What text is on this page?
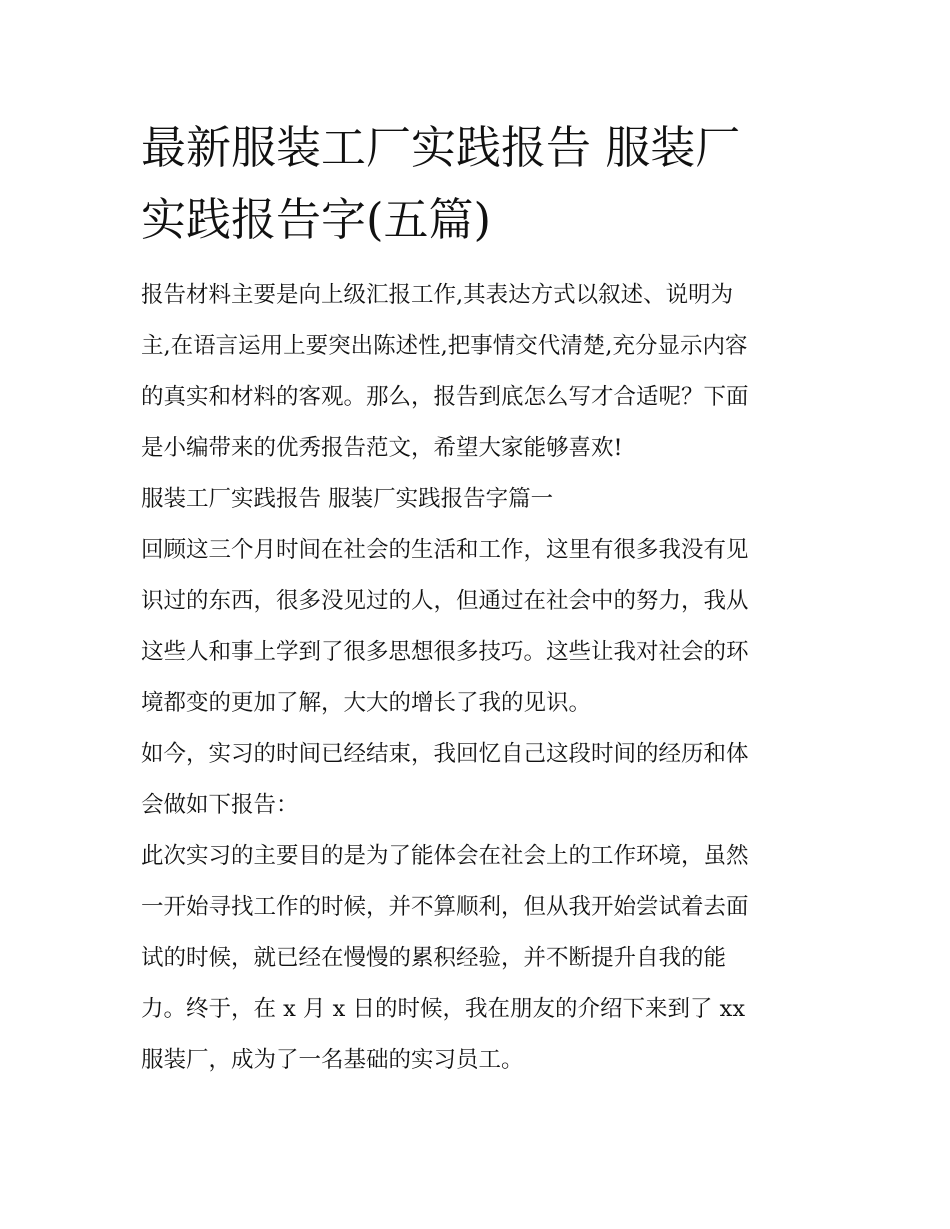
最新服装工厂实践报告 服装厂
实践报告字(五篇)

报告材料主要是向上级汇报工作,其表达方式以叙述、说明为
主,在语言运用上要突出陈述性,把事情交代清楚,充分显示内容
的真实和材料的客观。那么，报告到底怎么写才合适呢？下面
是小编带来的优秀报告范文，希望大家能够喜欢!

服装工厂实践报告 服装厂实践报告字篇一

回顾这三个月时间在社会的生活和工作，这里有很多我没有见
识过的东西，很多没见过的人，但通过在社会中的努力，我从
这些人和事上学到了很多思想很多技巧。这些让我对社会的环
境都变的更加了解，大大的增长了我的见识。

如今，实习的时间已经结束，我回忆自己这段时间的经历和体
会做如下报告：

此次实习的主要目的是为了能体会在社会上的工作环境，虽然
一开始寻找工作的时候，并不算顺利，但从我开始尝试着去面
试的时候，就已经在慢慢的累积经验，并不断提升自我的能
力。终于，在 x 月 x 日的时候，我在朋友的介绍下来到了 xx
服装厂，成为了一名基础的实习员工。
